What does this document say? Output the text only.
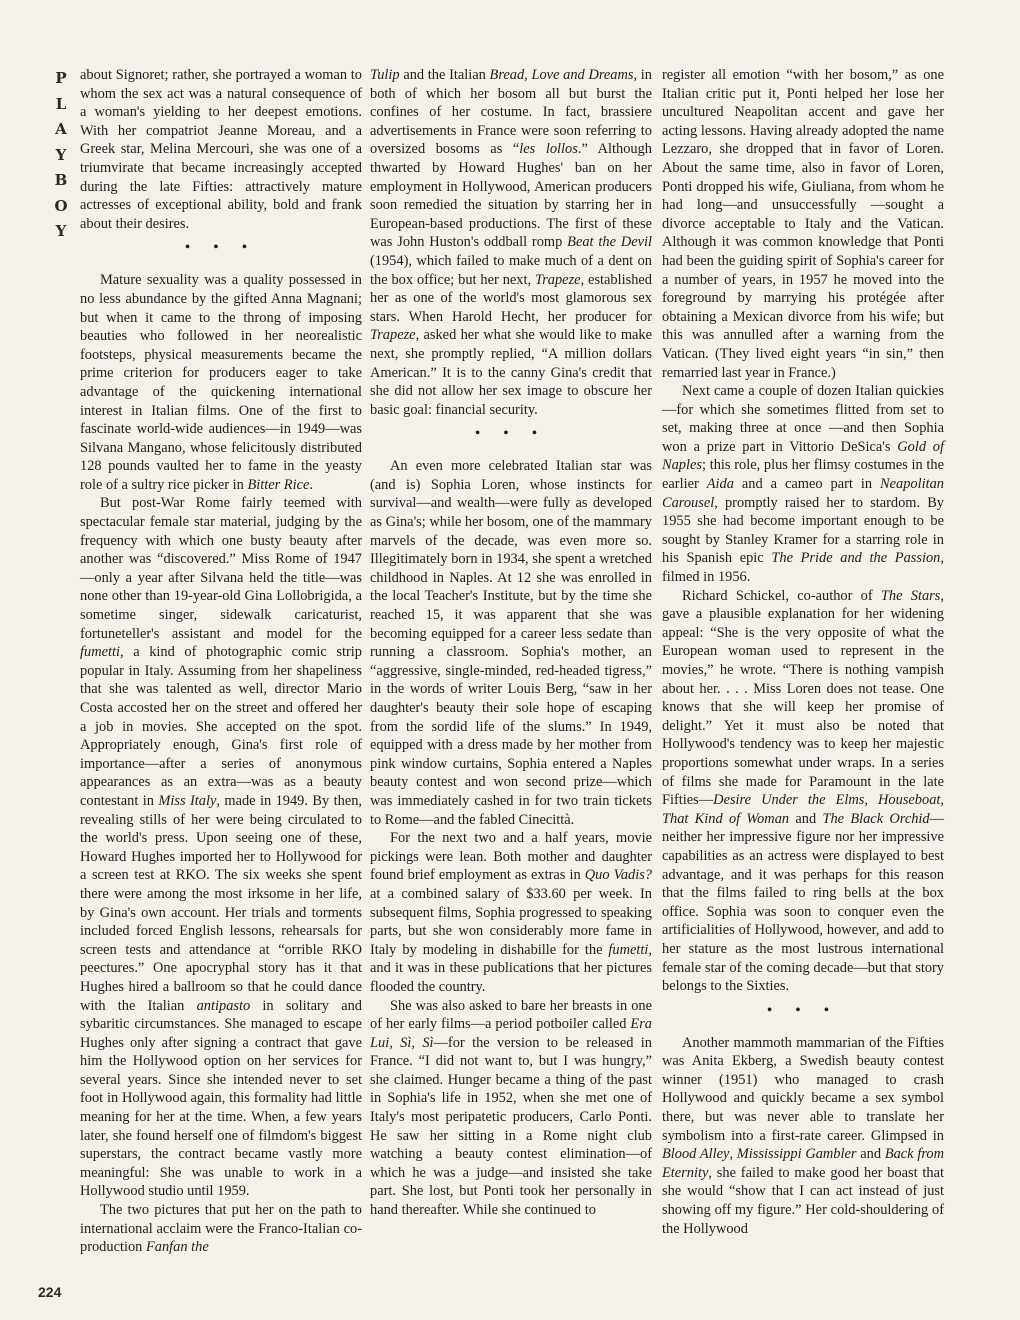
P
L
A
Y
B
O
Y

about Signoret; rather, she portrayed a woman to whom the sex act was a natural consequence of a woman's yielding to her deepest emotions. With her compatriot Jeanne Moreau, and a Greek star, Melina Mercouri, she was one of a triumvirate that became increasingly accepted during the late Fifties: attractively mature actresses of exceptional ability, bold and frank about their desires.

• • •

Mature sexuality was a quality possessed in no less abundance by the gifted Anna Magnani; but when it came to the throng of imposing beauties who followed in her neorealistic footsteps, physical measurements became the prime criterion for producers eager to take advantage of the quickening international interest in Italian films. One of the first to fascinate world-wide audiences—in 1949—was Silvana Mangano, whose felicitously distributed 128 pounds vaulted her to fame in the yeasty role of a sultry rice picker in Bitter Rice.

But post-War Rome fairly teemed with spectacular female star material, judging by the frequency with which one busty beauty after another was “discovered.” Miss Rome of 1947—only a year after Silvana held the title—was none other than 19-year-old Gina Lollobrigida, a sometime singer, sidewalk caricaturist, fortuneteller's assistant and model for the fumetti, a kind of photographic comic strip popular in Italy. Assuming from her shapeliness that she was talented as well, director Mario Costa accosted her on the street and offered her a job in movies. She accepted on the spot. Appropriately enough, Gina's first role of importance—after a series of anonymous appearances as an extra—was as a beauty contestant in Miss Italy, made in 1949. By then, revealing stills of her were being circulated to the world's press. Upon seeing one of these, Howard Hughes imported her to Hollywood for a screen test at RKO. The six weeks she spent there were among the most irksome in her life, by Gina's own account. Her trials and torments included forced English lessons, rehearsals for screen tests and attendance at “orrible RKO peectures.” One apocryphal story has it that Hughes hired a ballroom so that he could dance with the Italian antipasto in solitary and sybaritic circumstances. She managed to escape Hughes only after signing a contract that gave him the Hollywood option on her services for several years. Since she intended never to set foot in Hollywood again, this formality had little meaning for her at the time. When, a few years later, she found herself one of filmdom's biggest superstars, the contract became vastly more meaningful: She was unable to work in a Hollywood studio until 1959.

The two pictures that put her on the path to international acclaim were the Franco-Italian co-production Fanfan the

Tulip and the Italian Bread, Love and Dreams, in both of which her bosom all but burst the confines of her costume. In fact, brassiere advertisements in France were soon referring to oversized bosoms as “les lollos.” Although thwarted by Howard Hughes' ban on her employment in Hollywood, American producers soon remedied the situation by starring her in European-based productions. The first of these was John Huston's oddball romp Beat the Devil (1954), which failed to make much of a dent on the box office; but her next, Trapeze, established her as one of the world's most glamorous sex stars. When Harold Hecht, her producer for Trapeze, asked her what she would like to make next, she promptly replied, “A million dollars American.” It is to the canny Gina's credit that she did not allow her sex image to obscure her basic goal: financial security.

• • •

An even more celebrated Italian star was (and is) Sophia Loren, whose instincts for survival—and wealth—were fully as developed as Gina's; while her bosom, one of the mammary marvels of the decade, was even more so. Illegitimately born in 1934, she spent a wretched childhood in Naples. At 12 she was enrolled in the local Teacher's Institute, but by the time she reached 15, it was apparent that she was becoming equipped for a career less sedate than running a classroom. Sophia's mother, an “aggressive, single-minded, red-headed tigress,” in the words of writer Louis Berg, “saw in her daughter's beauty their sole hope of escaping from the sordid life of the slums.” In 1949, equipped with a dress made by her mother from pink window curtains, Sophia entered a Naples beauty contest and won second prize—which was immediately cashed in for two train tickets to Rome—and the fabled Cinecittà.

For the next two and a half years, movie pickings were lean. Both mother and daughter found brief employment as extras in Quo Vadis? at a combined salary of $33.60 per week. In subsequent films, Sophia progressed to speaking parts, but she won considerably more fame in Italy by modeling in dishabille for the fumetti, and it was in these publications that her pictures flooded the country.

She was also asked to bare her breasts in one of her early films—a period potboiler called Era Lui, Sì, Sì—for the version to be released in France. “I did not want to, but I was hungry,” she claimed. Hunger became a thing of the past in Sophia's life in 1952, when she met one of Italy's most peripatetic producers, Carlo Ponti. He saw her sitting in a Rome night club watching a beauty contest elimination—of which he was a judge—and insisted she take part. She lost, but Ponti took her personally in hand thereafter. While she continued to

register all emotion “with her bosom,” as one Italian critic put it, Ponti helped her lose her uncultured Neapolitan accent and gave her acting lessons. Having already adopted the name Lezzaro, she dropped that in favor of Loren. About the same time, also in favor of Loren, Ponti dropped his wife, Giuliana, from whom he had long—and unsuccessfully —sought a divorce acceptable to Italy and the Vatican. Although it was common knowledge that Ponti had been the guiding spirit of Sophia's career for a number of years, in 1957 he moved into the foreground by marrying his protégée after obtaining a Mexican divorce from his wife; but this was annulled after a warning from the Vatican. (They lived eight years “in sin,” then remarried last year in France.)

Next came a couple of dozen Italian quickies—for which she sometimes flitted from set to set, making three at once —and then Sophia won a prize part in Vittorio DeSica's Gold of Naples; this role, plus her flimsy costumes in the earlier Aida and a cameo part in Neapolitan Carousel, promptly raised her to stardom. By 1955 she had become important enough to be sought by Stanley Kramer for a starring role in his Spanish epic The Pride and the Passion, filmed in 1956.

Richard Schickel, co-author of The Stars, gave a plausible explanation for her widening appeal: “She is the very opposite of what the European woman used to represent in the movies,” he wrote. “There is nothing vampish about her. . . . Miss Loren does not tease. One knows that she will keep her promise of delight.” Yet it must also be noted that Hollywood's tendency was to keep her majestic proportions somewhat under wraps. In a series of films she made for Paramount in the late Fifties—Desire Under the Elms, Houseboat, That Kind of Woman and The Black Orchid—neither her impressive figure nor her impressive capabilities as an actress were displayed to best advantage, and it was perhaps for this reason that the films failed to ring bells at the box office. Sophia was soon to conquer even the artificialities of Hollywood, however, and add to her stature as the most lustrous international female star of the coming decade—but that story belongs to the Sixties.

• • •

Another mammoth mammarian of the Fifties was Anita Ekberg, a Swedish beauty contest winner (1951) who managed to crash Hollywood and quickly became a sex symbol there, but was never able to translate her symbolism into a first-rate career. Glimpsed in Blood Alley, Mississippi Gambler and Back from Eternity, she failed to make good her boast that she would “show that I can act instead of just showing off my figure.” Her cold-shouldering of the Hollywood

224
